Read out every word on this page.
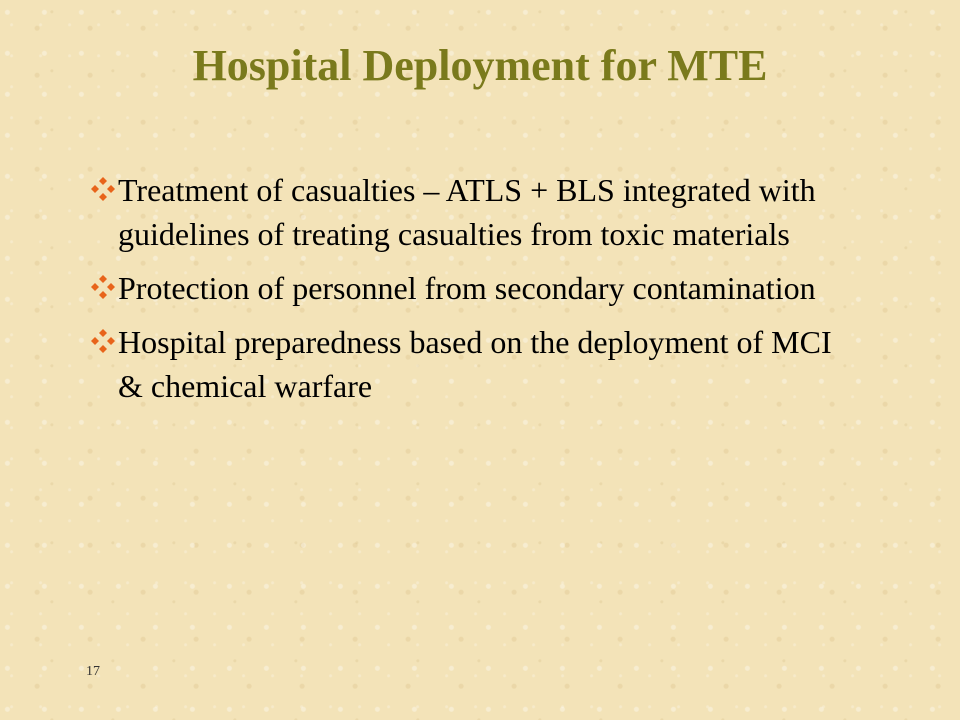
Hospital Deployment for MTE
Treatment of casualties – ATLS + BLS integrated with guidelines of treating casualties from toxic materials
Protection of personnel from secondary contamination
Hospital preparedness based on the deployment of MCI & chemical warfare
17
